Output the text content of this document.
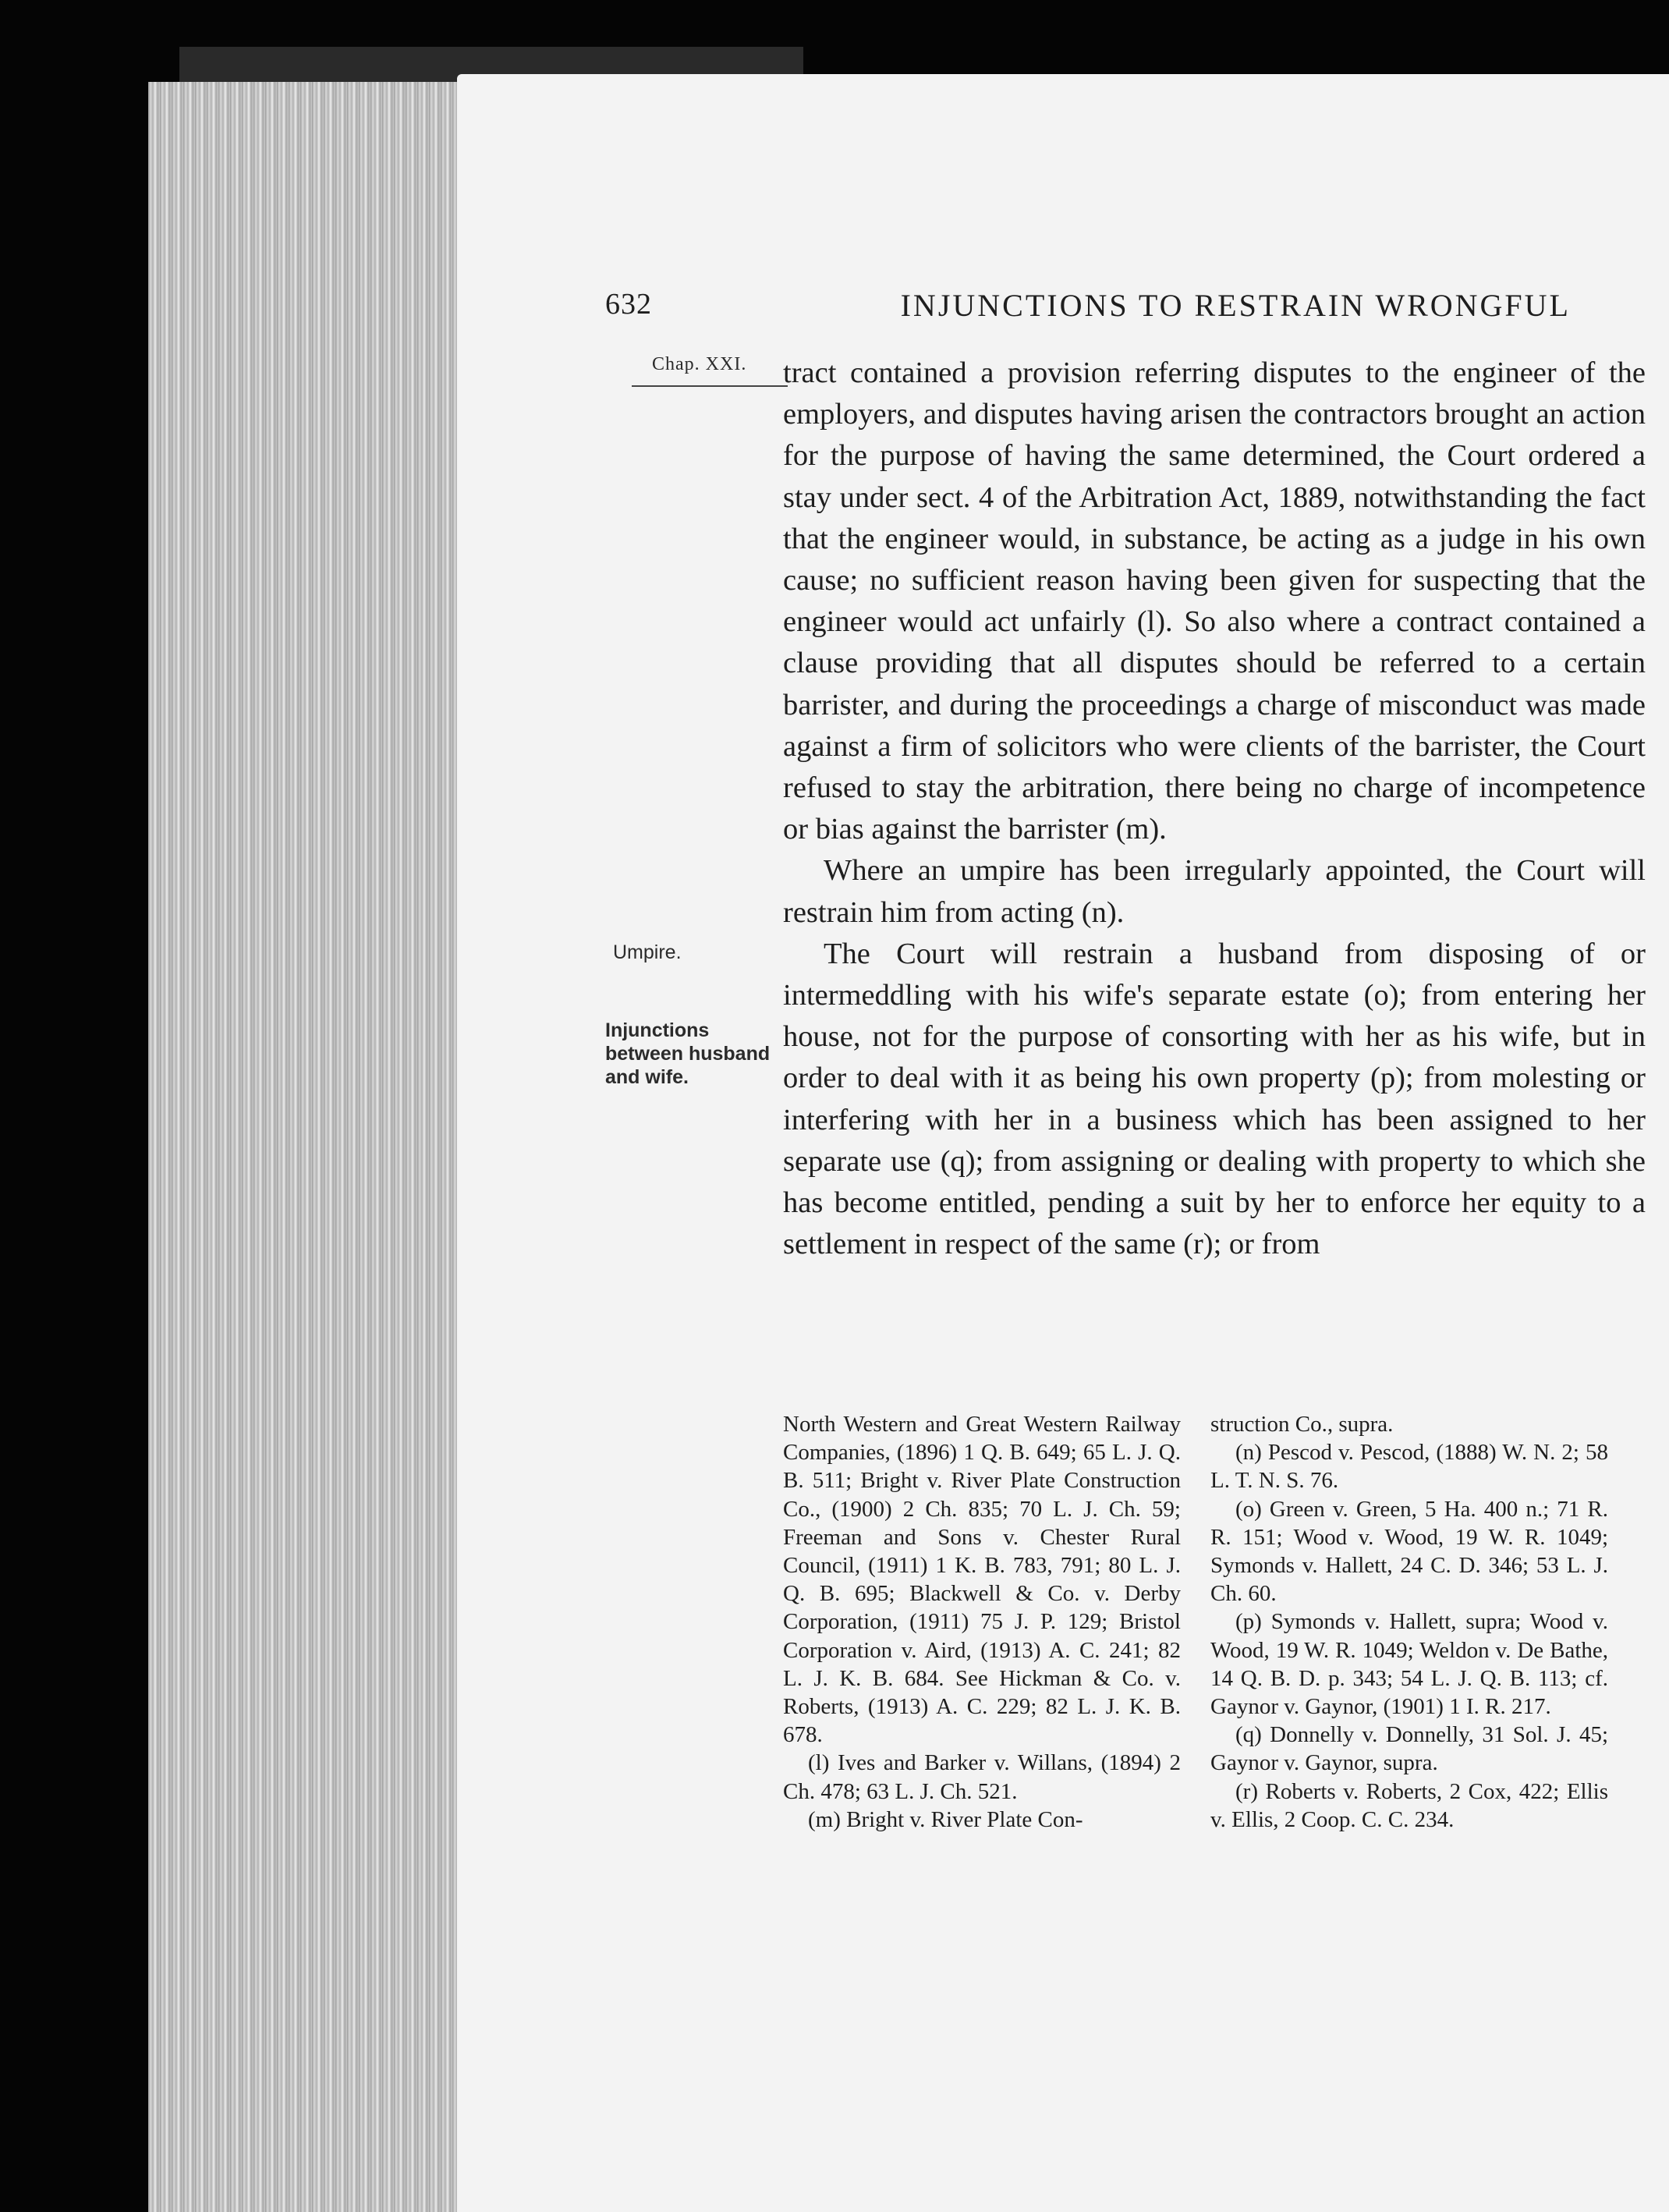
632	INJUNCTIONS TO RESTRAIN WRONGFUL
Chap. XXI.
Umpire.
Injunctions
between husband
and wife.

tract contained a provision referring disputes to the engineer of the employers, and disputes having arisen the contractors brought an action for the purpose of having the same determined, the Court ordered a stay under sect. 4 of the Arbitration Act, 1889, notwithstanding the fact that the engineer would, in substance, be acting as a judge in his own cause; no sufficient reason having been given for suspecting that the engineer would act unfairly (l). So also where a contract contained a clause providing that all disputes should be referred to a certain barrister, and during the proceedings a charge of misconduct was made against a firm of solicitors who were clients of the barrister, the Court refused to stay the arbitration, there being no charge of incompetence or bias against the barrister (m).

Where an umpire has been irregularly appointed, the Court will restrain him from acting (n).

The Court will restrain a husband from disposing of or intermeddling with his wife's separate estate (o); from entering her house, not for the purpose of consorting with her as his wife, but in order to deal with it as being his own property (p); from molesting or interfering with her in a business which has been assigned to her separate use (q); from assigning or dealing with property to which she has become entitled, pending a suit by her to enforce her equity to a settlement in respect of the same (r); or from

North Western and Great Western Railway Companies, (1896) 1 Q. B. 649; 65 L. J. Q. B. 511; Bright v. River Plate Construction Co., (1900) 2 Ch. 835; 70 L. J. Ch. 59; Freeman and Sons v. Chester Rural Council, (1911) 1 K. B. 783, 791; 80 L. J. Q. B. 695; Blackwell & Co. v. Derby Corporation, (1911) 75 J. P. 129; Bristol Corporation v. Aird, (1913) A. C. 241; 82 L. J. K. B. 684. See Hickman & Co. v. Roberts, (1913) A. C. 229; 82 L. J. K. B. 678.

(l) Ives and Barker v. Willans, (1894) 2 Ch. 478; 63 L. J. Ch. 521.

(m) Bright v. River Plate Con-

struction Co., supra.

(n) Pescod v. Pescod, (1888) W. N. 2; 58 L. T. N. S. 76.

(o) Green v. Green, 5 Ha. 400 n.; 71 R. R. 151; Wood v. Wood, 19 W. R. 1049; Symonds v. Hallett, 24 C. D. 346; 53 L. J. Ch. 60.

(p) Symonds v. Hallett, supra; Wood v. Wood, 19 W. R. 1049; Weldon v. De Bathe, 14 Q. B. D. p. 343; 54 L. J. Q. B. 113; cf. Gaynor v. Gaynor, (1901) 1 I. R. 217.

(q) Donnelly v. Donnelly, 31 Sol. J. 45; Gaynor v. Gaynor, supra.

(r) Roberts v. Roberts, 2 Cox, 422; Ellis v. Ellis, 2 Coop. C. C. 234.
